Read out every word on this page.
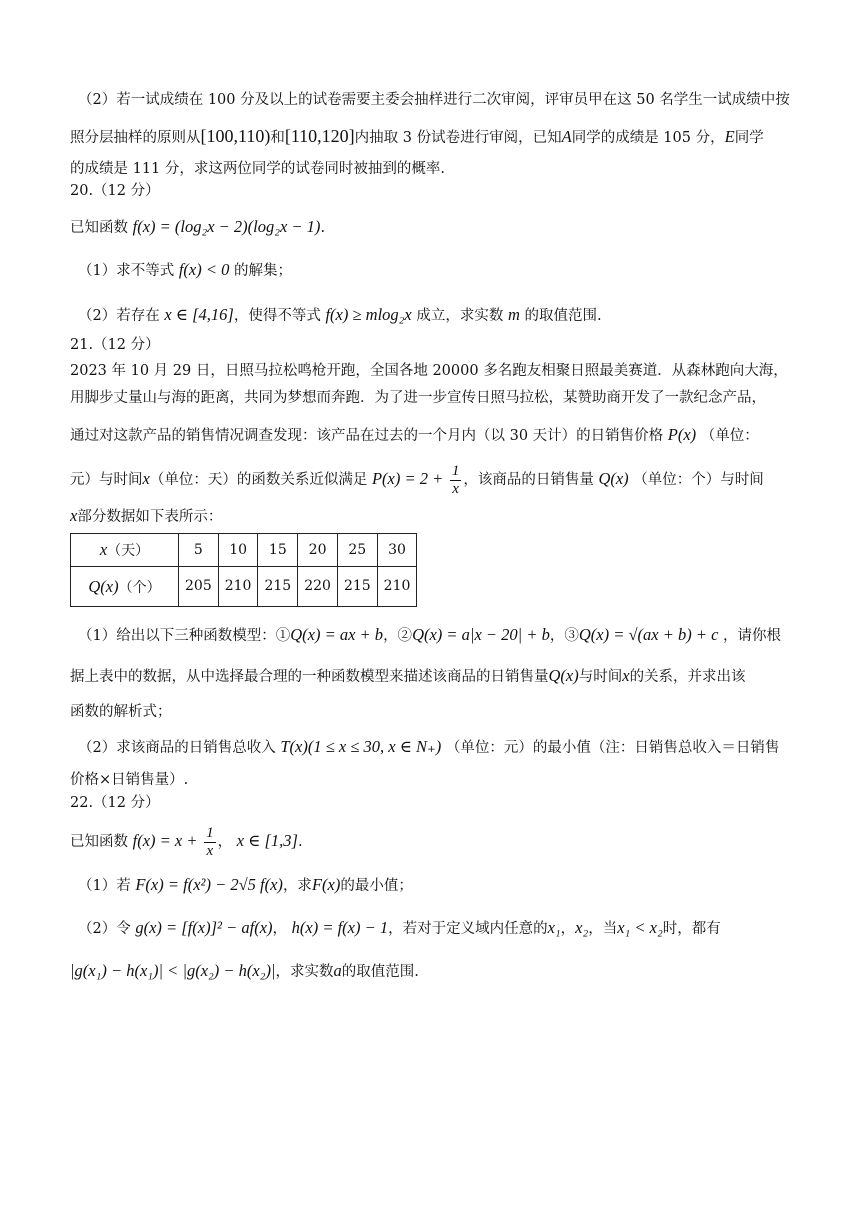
（2）若一试成绩在 100 分及以上的试卷需要主委会抽样进行二次审阅，评审员甲在这 50 名学生一试成绩中按
照分层抽样的原则从[100,110)和[110,120]内抽取 3 份试卷进行审阅，已知A同学的成绩是 105 分，E同学
的成绩是 111 分，求这两位同学的试卷同时被抽到的概率.
20.（12 分）
已知函数 f(x) = (log₂x − 2)(log₂x − 1).
（1）求不等式 f(x) < 0 的解集；
（2）若存在 x ∈ [4,16]，使得不等式 f(x) ≥ mlog₂x 成立，求实数 m 的取值范围.
21.（12 分）
2023 年 10 月 29 日，日照马拉松鸣枪开跑，全国各地 20000 多名跑友相聚日照最美赛道．从森林跑向大海，
用脚步丈量山与海的距离，共同为梦想而奔跑．为了进一步宣传日照马拉松，某赞助商开发了一款纪念产品，
通过对这款产品的销售情况调查发现：该产品在过去的一个月内（以 30 天计）的日销售价格 P(x) （单位：
元）与时间x（单位：天）的函数关系近似满足 $P(x) = 2 + \frac{1}{x}$ ，该商品的日销售量 Q(x) （单位：个）与时间
x部分数据如下表所示：
x（天）	5	10	15	20	25	30
Q(x)（个）	205	210	215	220	215	210
（1）给出以下三种函数模型：①Q(x) = ax + b，②Q(x) = a|x − 20| + b，③Q(x) = √(ax + b) + c ，请你根
据上表中的数据，从中选择最合理的一种函数模型来描述该商品的日销售量Q(x)与时间x的关系，并求出该
函数的解析式；
（2）求该商品的日销售总收入 T(x)(1 ≤ x ≤ 30, x ∈ N₊) （单位：元）的最小值（注：日销售总收入＝日销售
价格×日销售量）.
22.（12 分）
已知函数 $f(x) = x + \frac{1}{x}$ ， x ∈ [1,3].
（1）若 F(x) = f(x²) − 2√5 f(x)，求F(x)的最小值；
（2）令 g(x) = [f(x)]² − af(x)， h(x) = f(x) − 1，若对于定义域内任意的x₁，x₂，当x₁ < x₂时，都有
|g(x₁) − h(x₁)| < |g(x₂) − h(x₂)|，求实数a的取值范围.
